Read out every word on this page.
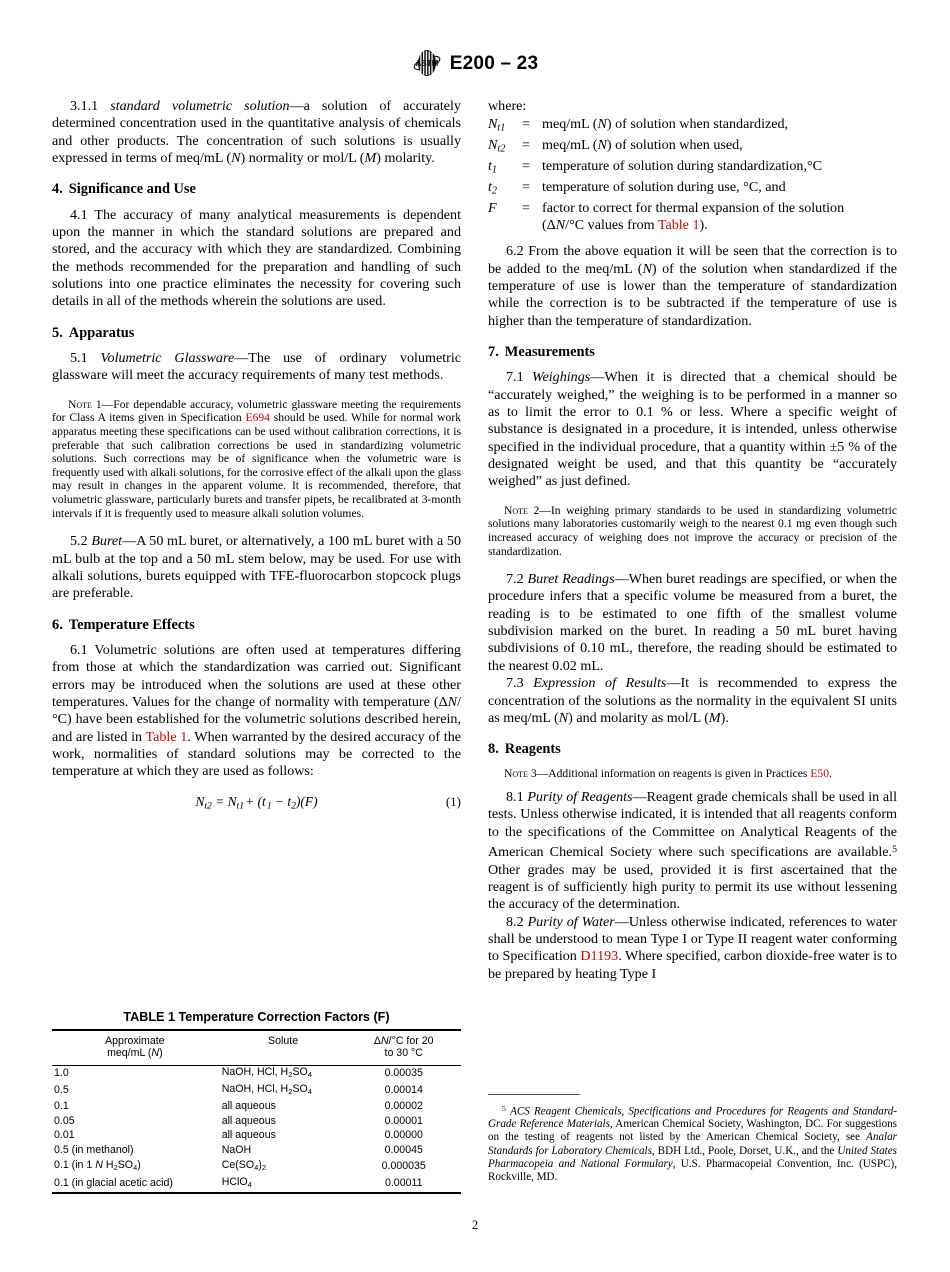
ASTM E200 – 23

3.1.1 standard volumetric solution—a solution of accurately determined concentration used in the quantitative analysis of chemicals and other products. The concentration of such solutions is usually expressed in terms of meq/mL (N) normality or mol/L (M) molarity.

4. Significance and Use

4.1 The accuracy of many analytical measurements is dependent upon the manner in which the standard solutions are prepared and stored, and the accuracy with which they are standardized. Combining the methods recommended for the preparation and handling of such solutions into one practice eliminates the necessity for covering such details in all of the methods wherein the solutions are used.

5. Apparatus

5.1 Volumetric Glassware—The use of ordinary volumetric glassware will meet the accuracy requirements of many test methods.

Note 1—For dependable accuracy, volumetric glassware meeting the requirements for Class A items given in Specification E694 should be used. While for normal work apparatus meeting these specifications can be used without calibration corrections, it is preferable that such calibration corrections be used in standardizing volumetric solutions. Such corrections may be of significance when the volumetric ware is frequently used with alkali solutions, for the corrosive effect of the alkali upon the glass may result in changes in the apparent volume. It is recommended, therefore, that volumetric glassware, particularly burets and transfer pipets, be recalibrated at 3-month intervals if it is frequently used to measure alkali solution volumes.

5.2 Buret—A 50 mL buret, or alternatively, a 100 mL buret with a 50 mL bulb at the top and a 50 mL stem below, may be used. For use with alkali solutions, burets equipped with TFE-fluorocarbon stopcock plugs are preferable.

6. Temperature Effects

6.1 Volumetric solutions are often used at temperatures differing from those at which the standardization was carried out. Significant errors may be introduced when the solutions are used at these other temperatures. Values for the change of normality with temperature (ΔN/°C) have been established for the volumetric solutions described herein, and are listed in Table 1. When warranted by the desired accuracy of the work, normalities of standard solutions may be corrected to the temperature at which they are used as follows:

$N_{t2} = N_{t1}$ + (t $_1 - t_2)(F)$	(1)

where:

$N_{t1}$	=	meq/mL (N) of solution when standardized,
$N_{t2}$	=	meq/mL (N) of solution when used,
$t_1$	=	temperature of solution during standardization,°C
$t_2$	=	temperature of solution during use, °C, and
F	=	factor to correct for thermal expansion of the solution
		(ΔN/°C values from Table 1).

6.2 From the above equation it will be seen that the correction is to be added to the meq/mL (N) of the solution when standardized if the temperature of use is lower than the temperature of standardization while the correction is to be subtracted if the temperature of use is higher than the temperature of standardization.

7. Measurements

7.1 Weighings—When it is directed that a chemical should be “accurately weighed,” the weighing is to be performed in a manner so as to limit the error to 0.1 % or less. Where a specific weight of substance is designated in a procedure, it is intended, unless otherwise specified in the individual procedure, that a quantity within ±5 % of the designated weight be used, and that this quantity be “accurately weighed” as just defined.

Note 2—In weighing primary standards to be used in standardizing volumetric solutions many laboratories customarily weigh to the nearest 0.1 mg even though such increased accuracy of weighing does not improve the accuracy or precision of the standardization.

7.2 Buret Readings—When buret readings are specified, or when the procedure infers that a specific volume be measured from a buret, the reading is to be estimated to one fifth of the smallest volume subdivision marked on the buret. In reading a 50 mL buret having subdivisions of 0.10 mL, therefore, the reading should be estimated to the nearest 0.02 mL.

7.3 Expression of Results—It is recommended to express the concentration of the solutions as the normality in the equivalent SI units as meq/mL (N) and molarity as mol/L (M).

8. Reagents

Note 3—Additional information on reagents is given in Practices E50.

8.1 Purity of Reagents—Reagent grade chemicals shall be used in all tests. Unless otherwise indicated, it is intended that all reagents conform to the specifications of the Committee on Analytical Reagents of the American Chemical Society where such specifications are available.$^5$ Other grades may be used, provided it is first ascertained that the reagent is of sufficiently high purity to permit its use without lessening the accuracy of the determination.

8.2 Purity of Water—Unless otherwise indicated, references to water shall be understood to mean Type I or Type II reagent water conforming to Specification D1193. Where specified, carbon dioxide-free water is to be prepared by heating Type I

TABLE 1 Temperature Correction Factors (F)
Approximate
meq/mL (N)	Solute	ΔN/°C for 20
to 30 °C
1.0	NaOH, HCl, $H_2SO_4$	0.00035
0.5	NaOH, HCl, $H_2SO_4$	0.00014
0.1	all aqueous	0.00002
0.05	all aqueous	0.00001
0.01	all aqueous	0.00000
0.5 (in methanol)	NaOH	0.00045
0.1 (in 1 N $H_2SO_4$)	$Ce(SO_4)_2$	0.000035
0.1 (in glacial acetic acid)	HClO$_4$	0.00011

$^5$ ACS Reagent Chemicals, Specifications and Procedures for Reagents and Standard-Grade Reference Materials, American Chemical Society, Washington, DC. For suggestions on the testing of reagents not listed by the American Chemical Society, see Analar Standards for Laboratory Chemicals, BDH Ltd., Poole, Dorset, U.K., and the United States Pharmacopeia and National Formulary, U.S. Pharmacopeial Convention, Inc. (USPC), Rockville, MD.

2
